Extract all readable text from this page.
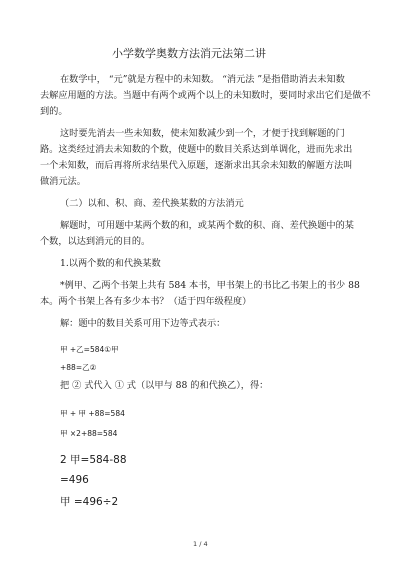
小学数学奥数方法消元法第二讲
在数学中， “元”就是方程中的未知数。 “消元法 ”是指借助消去未知数
去解应用题的方法。当题中有两个或两个以上的未知数时，要同时求出它们是做不
到的。
这时要先消去一些未知数，使未知数减少到一个，才便于找到解题的门
路。这类经过消去未知数的个数，使题中的数目关系达到单调化，进而先求出
一个未知数，而后再将所求结果代入原题，逐渐求出其余未知数的解题方法叫
做消元法。
（二）以和、积、商、差代换某数的方法消元
解题时，可用题中某两个数的和，或某两个数的积、商、差代换题中的某
个数，以达到消元的目的。
1.以两个数的和代换某数
*例甲、乙两个书架上共有 584 本书，甲书架上的书比乙书架上的书少 88
本。两个书架上各有多少本书？（适于四年级程度）
解：题中的数目关系可用下边等式表示：
甲 +乙=584①甲
+88=乙②
把 ② 式代入 ① 式（以甲与 88 的和代换乙），得：
甲 + 甲 +88=584
甲 ×2+88=584
2 甲=584-88
=496
甲 =496÷2
1 / 4
